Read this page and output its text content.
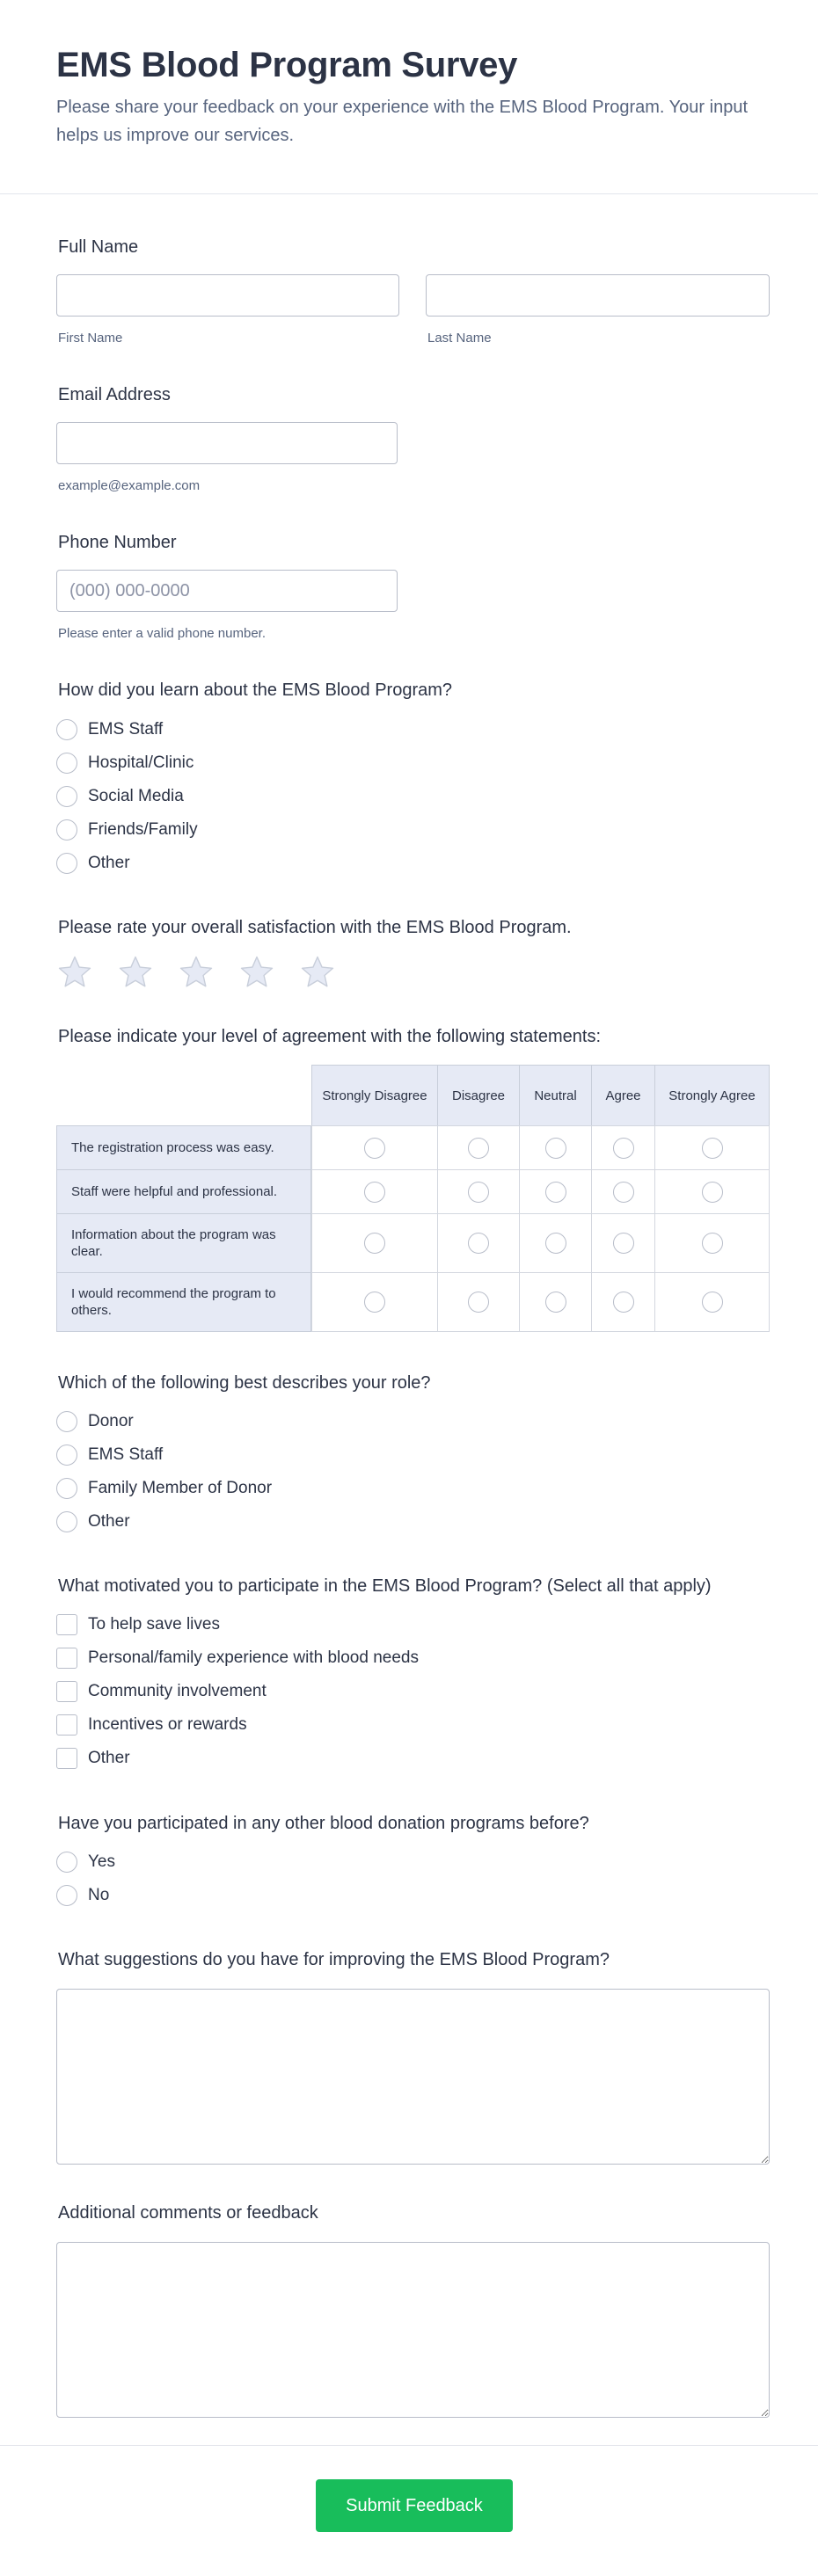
EMS Blood Program Survey

Please share your feedback on your experience with the EMS Blood Program. Your input helps us improve our services.

Full Name
First Name	Last Name
Email Address
example@example.com
Phone Number
(000) 000-0000
Please enter a valid phone number.
How did you learn about the EMS Blood Program?
EMS Staff
Hospital/Clinic
Social Media
Friends/Family
Other
Please rate your overall satisfaction with the EMS Blood Program.
Please indicate your level of agreement with the following statements:
Strongly Disagree	Disagree	Neutral	Agree	Strongly Agree
The registration process was easy.
Staff were helpful and professional.
Information about the program was clear.
I would recommend the program to others.
Which of the following best describes your role?
Donor
EMS Staff
Family Member of Donor
Other
What motivated you to participate in the EMS Blood Program? (Select all that apply)
To help save lives
Personal/family experience with blood needs
Community involvement
Incentives or rewards
Other
Have you participated in any other blood donation programs before?
Yes
No
What suggestions do you have for improving the EMS Blood Program?
Additional comments or feedback
Submit Feedback
